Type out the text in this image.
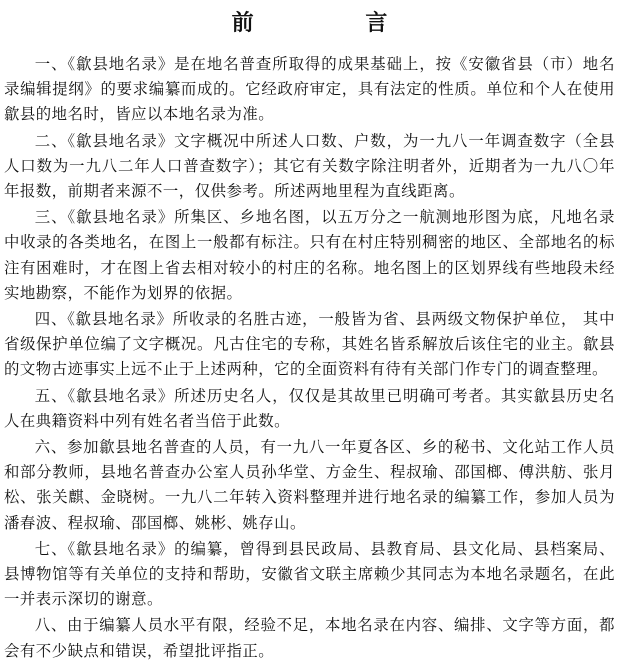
前 言

一、《歙县地名录》是在地名普查所取得的成果基础上，按《安徽省县（市）地名录编辑提纲》的要求编纂而成的。它经政府审定，具有法定的性质。单位和个人在使用歙县的地名时，皆应以本地名录为准。

二、《歙县地名录》文字概况中所述人口数、户数，为一九八一年调查数字（全县人口数为一九八二年人口普查数字）；其它有关数字除注明者外，近期者为一九八〇年年报数，前期者来源不一，仅供参考。所述两地里程为直线距离。

三、《歙县地名录》所集区、乡地名图，以五万分之一航测地形图为底，凡地名录中收录的各类地名，在图上一般都有标注。只有在村庄特别稠密的地区、全部地名的标注有困难时，才在图上省去相对较小的村庄的名称。地名图上的区划界线有些地段未经实地勘察，不能作为划界的依据。

四、《歙县地名录》所收录的名胜古迹，一般皆为省、县两级文物保护单位， 其中省级保护单位编了文字概况。凡古住宅的专称，其姓名皆系解放后该住宅的业主。歙县的文物古迹事实上远不止于上述两种，它的全面资料有待有关部门作专门的调查整理。

五、《歙县地名录》所述历史名人，仅仅是其故里已明确可考者。其实歙县历史名人在典籍资料中列有姓名者当倍于此数。

六、参加歙县地名普查的人员，有一九八一年夏各区、乡的秘书、文化站工作人员和部分教师，县地名普查办公室人员孙华堂、方金生、程叔瑜、邵国榔、傅洪舫、张月松、张关麒、金晓树。一九八二年转入资料整理并进行地名录的编纂工作，参加人员为潘春波、程叔瑜、邵国榔、姚彬、姚存山。

七、《歙县地名录》的编纂，曾得到县民政局、县教育局、县文化局、县档案局、县博物馆等有关单位的支持和帮助，安徽省文联主席赖少其同志为本地名录题名，在此一并表示深切的谢意。

八、由于编纂人员水平有限，经验不足，本地名录在内容、编排、文字等方面，都会有不少缺点和错误，希望批评指正。
